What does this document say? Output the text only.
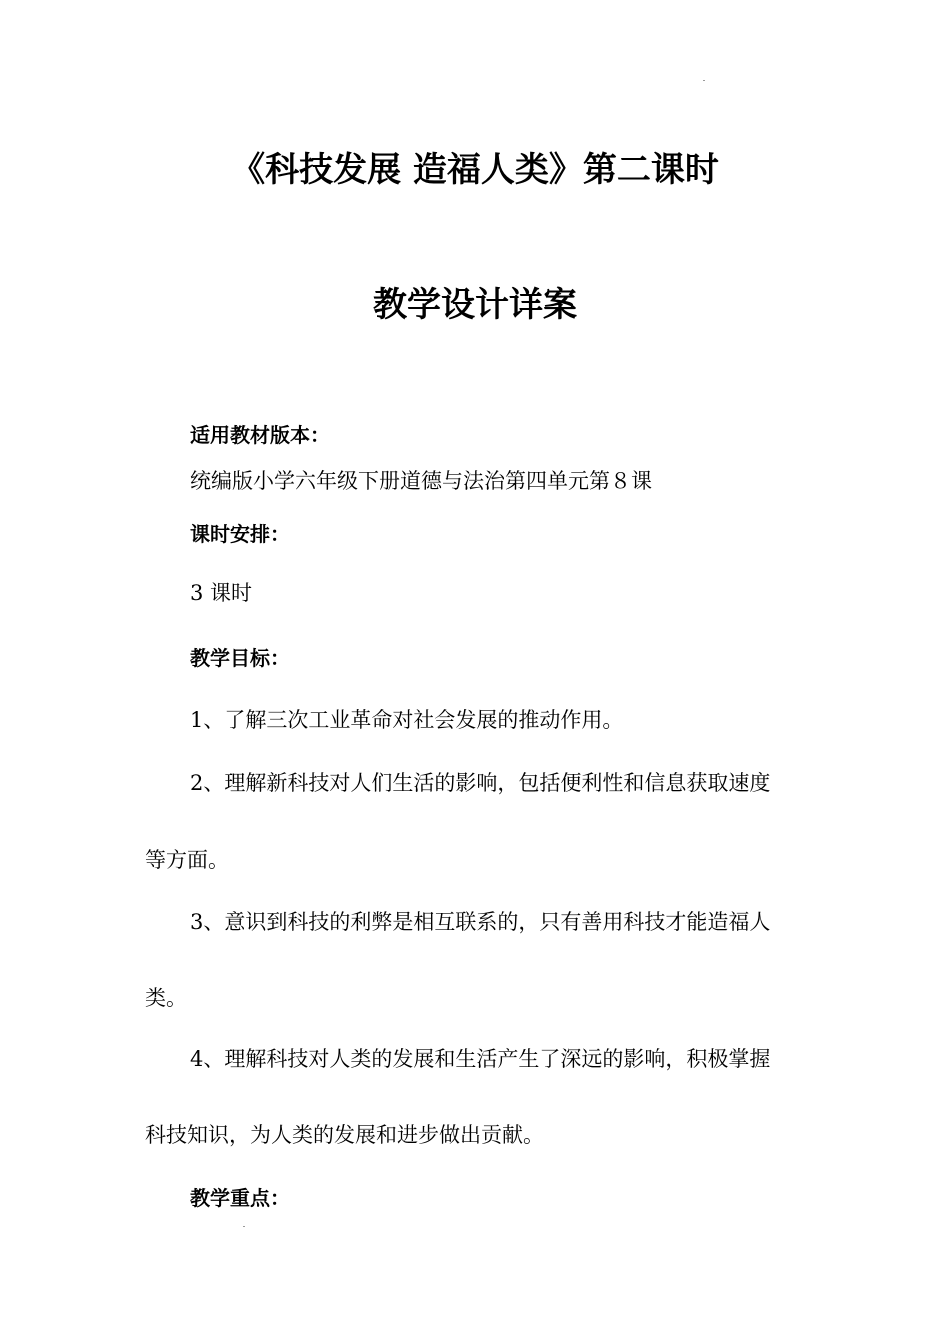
《科技发展 造福人类》第二课时
教学设计详案
适用教材版本：
统编版小学六年级下册道德与法治第四单元第８课
课时安排：
3 课时
教学目标：
1、了解三次工业革命对社会发展的推动作用。
2、理解新科技对人们生活的影响，包括便利性和信息获取速度
等方面。
3、意识到科技的利弊是相互联系的，只有善用科技才能造福人
类。
4、理解科技对人类的发展和生活产生了深远的影响，积极掌握
科技知识，为人类的发展和进步做出贡献。
教学重点：
